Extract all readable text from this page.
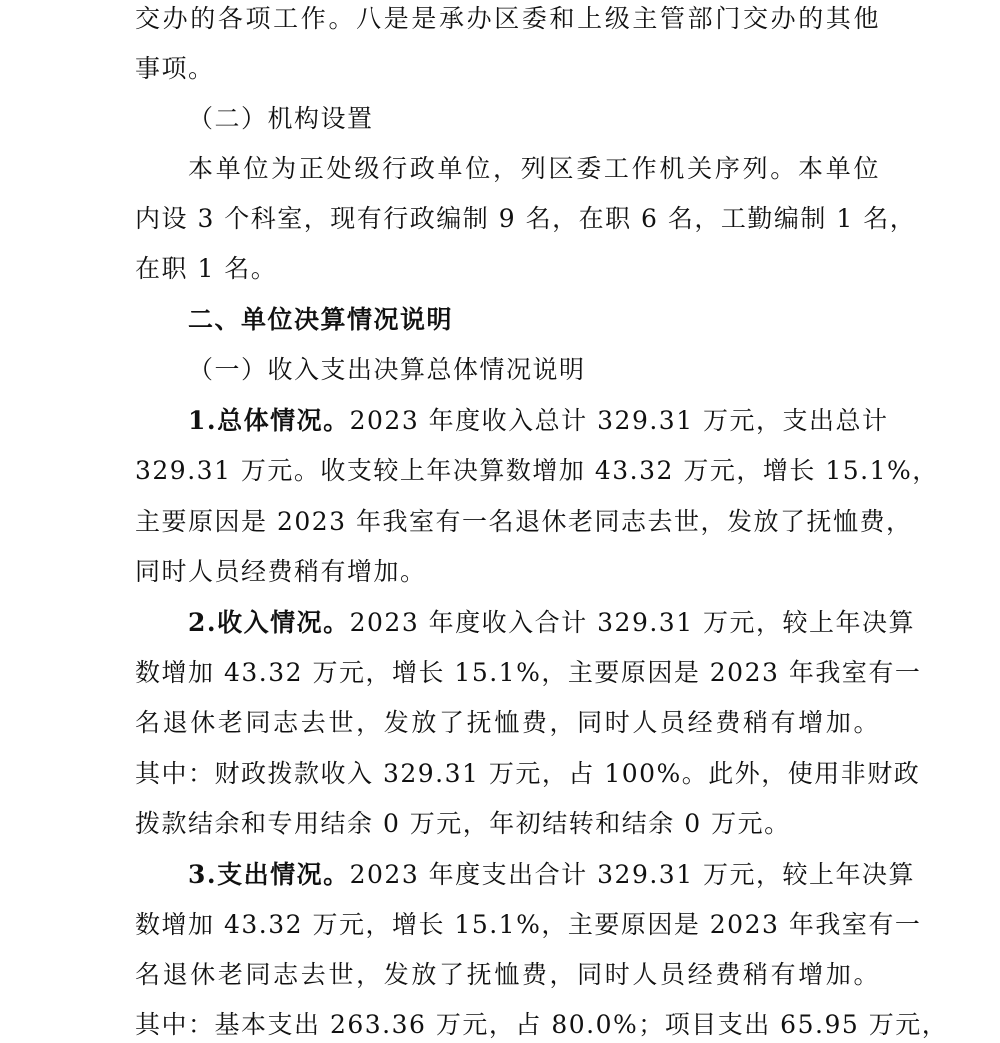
交办的各项工作。八是是承办区委和上级主管部门交办的其他
事项。
（二）机构设置
本单位为正处级行政单位，列区委工作机关序列。本单位
内设 3 个科室，现有行政编制 9 名，在职 6 名，工勤编制 1 名，
在职 1 名。
二、单位决算情况说明
（一）收入支出决算总体情况说明
1.总体情况。2023 年度收入总计 329.31 万元，支出总计
329.31 万元。收支较上年决算数增加 43.32 万元，增长 15.1%，
主要原因是 2023 年我室有一名退休老同志去世，发放了抚恤费，
同时人员经费稍有增加。
2.收入情况。2023 年度收入合计 329.31 万元，较上年决算
数增加 43.32 万元，增长 15.1%，主要原因是 2023 年我室有一
名退休老同志去世，发放了抚恤费，同时人员经费稍有增加。
其中：财政拨款收入 329.31 万元，占 100%。此外，使用非财政
拨款结余和专用结余 0 万元，年初结转和结余 0 万元。
3.支出情况。2023 年度支出合计 329.31 万元，较上年决算
数增加 43.32 万元，增长 15.1%，主要原因是 2023 年我室有一
名退休老同志去世，发放了抚恤费，同时人员经费稍有增加。
其中：基本支出 263.36 万元，占 80.0%；项目支出 65.95 万元，
